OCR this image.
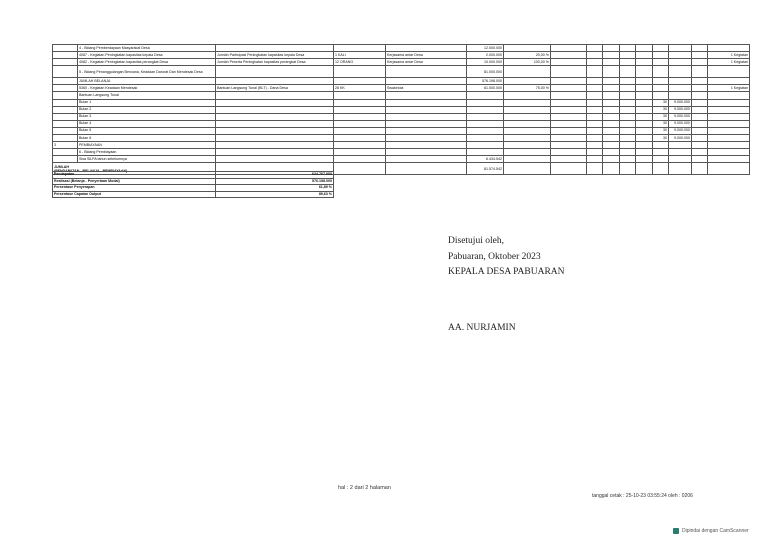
	4 - Bidang Pemberdayaan Masyarakat Desa				12.000.000										
	4087 - Kegiatan Peningkatan kapasitas kepala Desa	Jumlah Partisipasi Peningkatan kapasitas kepala Desa	1 KALI	Kerjasama antar Desa	2.000.000	20,00 %									1 Kegiatan
	4082 - Kegiatan Peningkatan kapasitas perangkat Desa	Jumlah Peserta Peningkatan kapasitas perangkat Desa	12 ORANG	Kerjasama antar Desa	10.000.000	100,00 %									1 Kegiatan
	5 - Bidang Penanggulangan Bencana, Keadaan Darurat Dan Mendesak Desa				81.000.000										
	JUMLAH BELANJA				576.198.000										
	5360 - Kegiatan Keadaan Mendesak	Bantuan Langsung Tunai (BLT) - Dana Desa	28 KK	Swakelola	81.000.000	75,00 %									1 Kegiatan
	Bantuan Langsung Tunai														
	Bulan 1											30	9.000.000		
	Bulan 2											30	9.000.000		
	Bulan 3											30	9.000.000		
	Bulan 4											30	9.000.000		
	Bulan 5											30	9.000.000		
	Bulan 6											30	9.000.000		
3	PEMBIAYAAN														
	6 - Bidang Pembiayaan														
	Sisa SiLPA tahun sebelumnya				6.434.542										
JUMLAH
(PENDAPATAN - BELANJA - PEMBIAYAAN)					81.574.542										
Pendapatan	624.767.000
Realisasi (Belanja - Penyertaan Modal)	576.198.000
Persentase Penyerapan	61,89 %
Persentase Capaian Output	89,63 %
Disetujui oleh,
Pabuaran, Oktober 2023
KEPALA DESA PABUARAN
AA. NURJAMIN
hal : 2 dari 2 halaman
tanggal cetak : 25-10-23 03:55:24 oleh : 0206
Dipindai dengan CamScanner
